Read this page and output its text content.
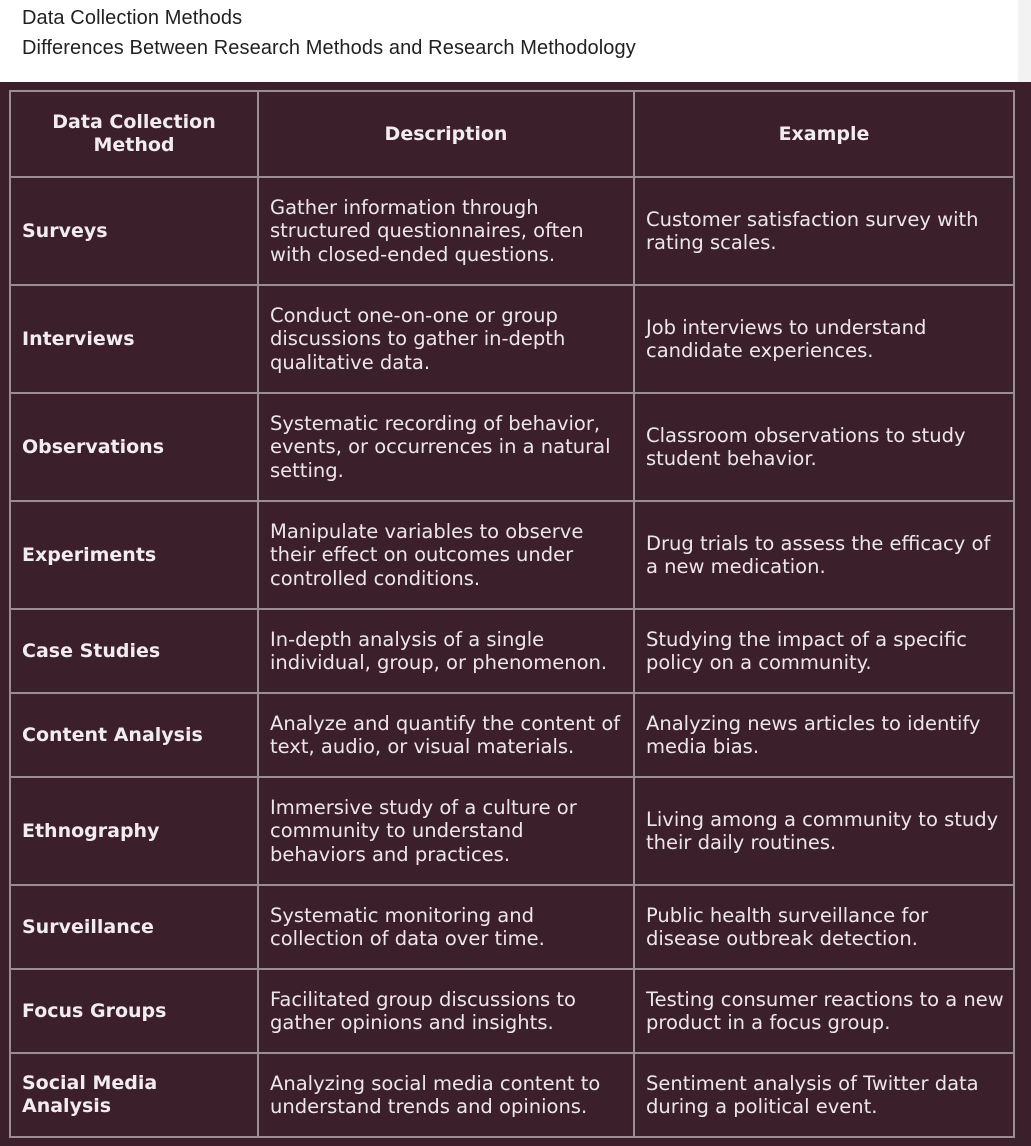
Data Collection Methods
Differences Between Research Methods and Research Methodology
Data Collection Method	Description	Example
Surveys	Gather information through structured questionnaires, often with closed-ended questions.	Customer satisfaction survey with rating scales.
Interviews	Conduct one-on-one or group discussions to gather in-depth qualitative data.	Job interviews to understand candidate experiences.
Observations	Systematic recording of behavior, events, or occurrences in a natural setting.	Classroom observations to study student behavior.
Experiments	Manipulate variables to observe their effect on outcomes under controlled conditions.	Drug trials to assess the efficacy of a new medication.
Case Studies	In-depth analysis of a single individual, group, or phenomenon.	Studying the impact of a specific policy on a community.
Content Analysis	Analyze and quantify the content of text, audio, or visual materials.	Analyzing news articles to identify media bias.
Ethnography	Immersive study of a culture or community to understand behaviors and practices.	Living among a community to study their daily routines.
Surveillance	Systematic monitoring and collection of data over time.	Public health surveillance for disease outbreak detection.
Focus Groups	Facilitated group discussions to gather opinions and insights.	Testing consumer reactions to a new product in a focus group.
Social Media Analysis	Analyzing social media content to understand trends and opinions.	Sentiment analysis of Twitter data during a political event.
